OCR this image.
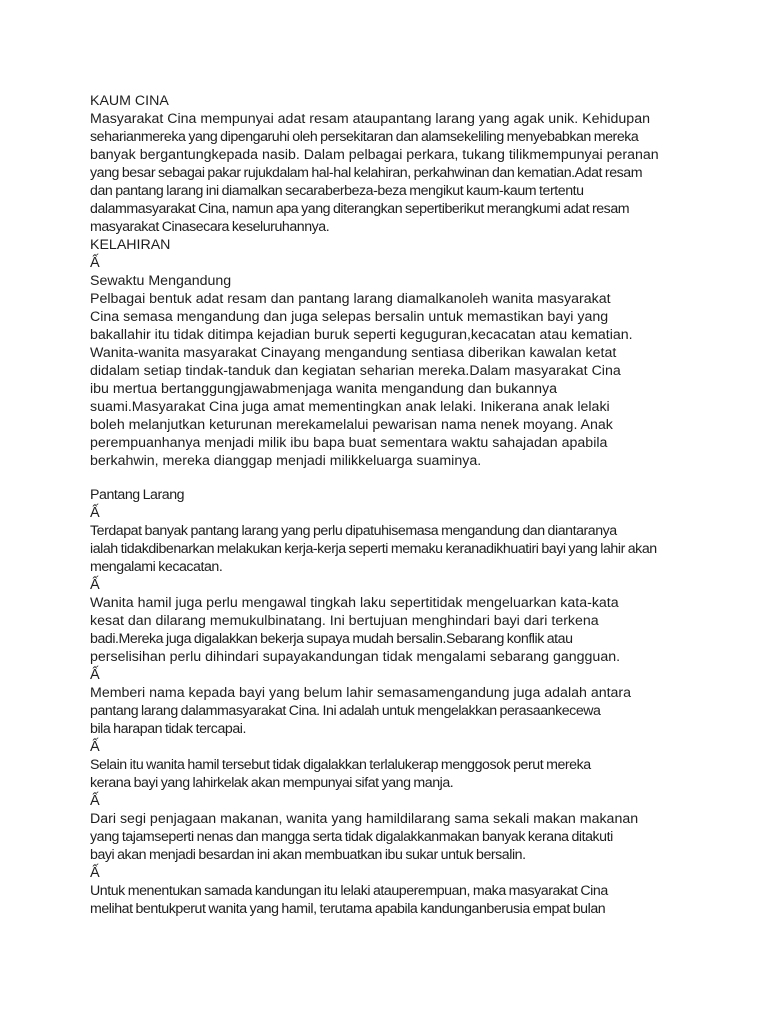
KAUM CINA
Masyarakat Cina mempunyai adat resam ataupantang larang yang agak unik. Kehidupan
seharianmereka yang dipengaruhi oleh persekitaran dan alamsekeliling menyebabkan mereka
banyak bergantungkepada nasib. Dalam pelbagai perkara, tukang tilikmempunyai peranan
yang besar sebagai pakar rujukdalam hal-hal kelahiran, perkahwinan dan kematian.Adat resam
dan pantang larang ini diamalkan secaraberbeza-beza mengikut kaum-kaum tertentu
dalammasyarakat Cina, namun apa yang diterangkan sepertiberikut merangkumi adat resam
masyarakat Cinasecara keseluruhannya.
KELAHIRAN
Ấ
Sewaktu Mengandung
Pelbagai bentuk adat resam dan pantang larang diamalkanoleh wanita masyarakat
Cina semasa mengandung dan juga selepas bersalin untuk memastikan bayi yang
bakallahir itu tidak ditimpa kejadian buruk seperti keguguran,kecacatan atau kematian.
Wanita-wanita masyarakat Cinayang mengandung sentiasa diberikan kawalan ketat
didalam setiap tindak-tanduk dan kegiatan seharian mereka.Dalam masyarakat Cina
ibu mertua bertanggungjawabmenjaga wanita mengandung dan bukannya
suami.Masyarakat Cina juga amat mementingkan anak lelaki. Inikerana anak lelaki
boleh melanjutkan keturunan merekamelalui pewarisan nama nenek moyang. Anak
perempuanhanya menjadi milik ibu bapa buat sementara waktu sahajadan apabila
berkahwin, mereka dianggap menjadi milikkeluarga suaminya.
Pantang Larang
Ấ
Terdapat banyak pantang larang yang perlu dipatuhisemasa mengandung dan diantaranya
ialah tidakdibenarkan melakukan kerja-kerja seperti memaku keranadikhuatiri bayi yang lahir akan
mengalami kecacatan.
Ấ
Wanita hamil juga perlu mengawal tingkah laku sepertitidak mengeluarkan kata-kata
kesat dan dilarang memukulbinatang. Ini bertujuan menghindari bayi dari terkena
badi.Mereka juga digalakkan bekerja supaya mudah bersalin.Sebarang konflik atau
perselisihan perlu dihindari supayakandungan tidak mengalami sebarang gangguan.
Ấ
Memberi nama kepada bayi yang belum lahir semasamengandung juga adalah antara
pantang larang dalammasyarakat Cina. Ini adalah untuk mengelakkan perasaankecewa
bila harapan tidak tercapai.
Ấ
Selain itu wanita hamil tersebut tidak digalakkan terlalukerap menggosok perut mereka
kerana bayi yang lahirkelak akan mempunyai sifat yang manja.
Ấ
Dari segi penjagaan makanan, wanita yang hamildilarang sama sekali makan makanan
yang tajamseperti nenas dan mangga serta tidak digalakkanmakan banyak kerana ditakuti
bayi akan menjadi besardan ini akan membuatkan ibu sukar untuk bersalin.
Ấ
Untuk menentukan samada kandungan itu lelaki atauperempuan, maka masyarakat Cina
melihat bentukperut wanita yang hamil, terutama apabila kandunganberusia empat bulan
